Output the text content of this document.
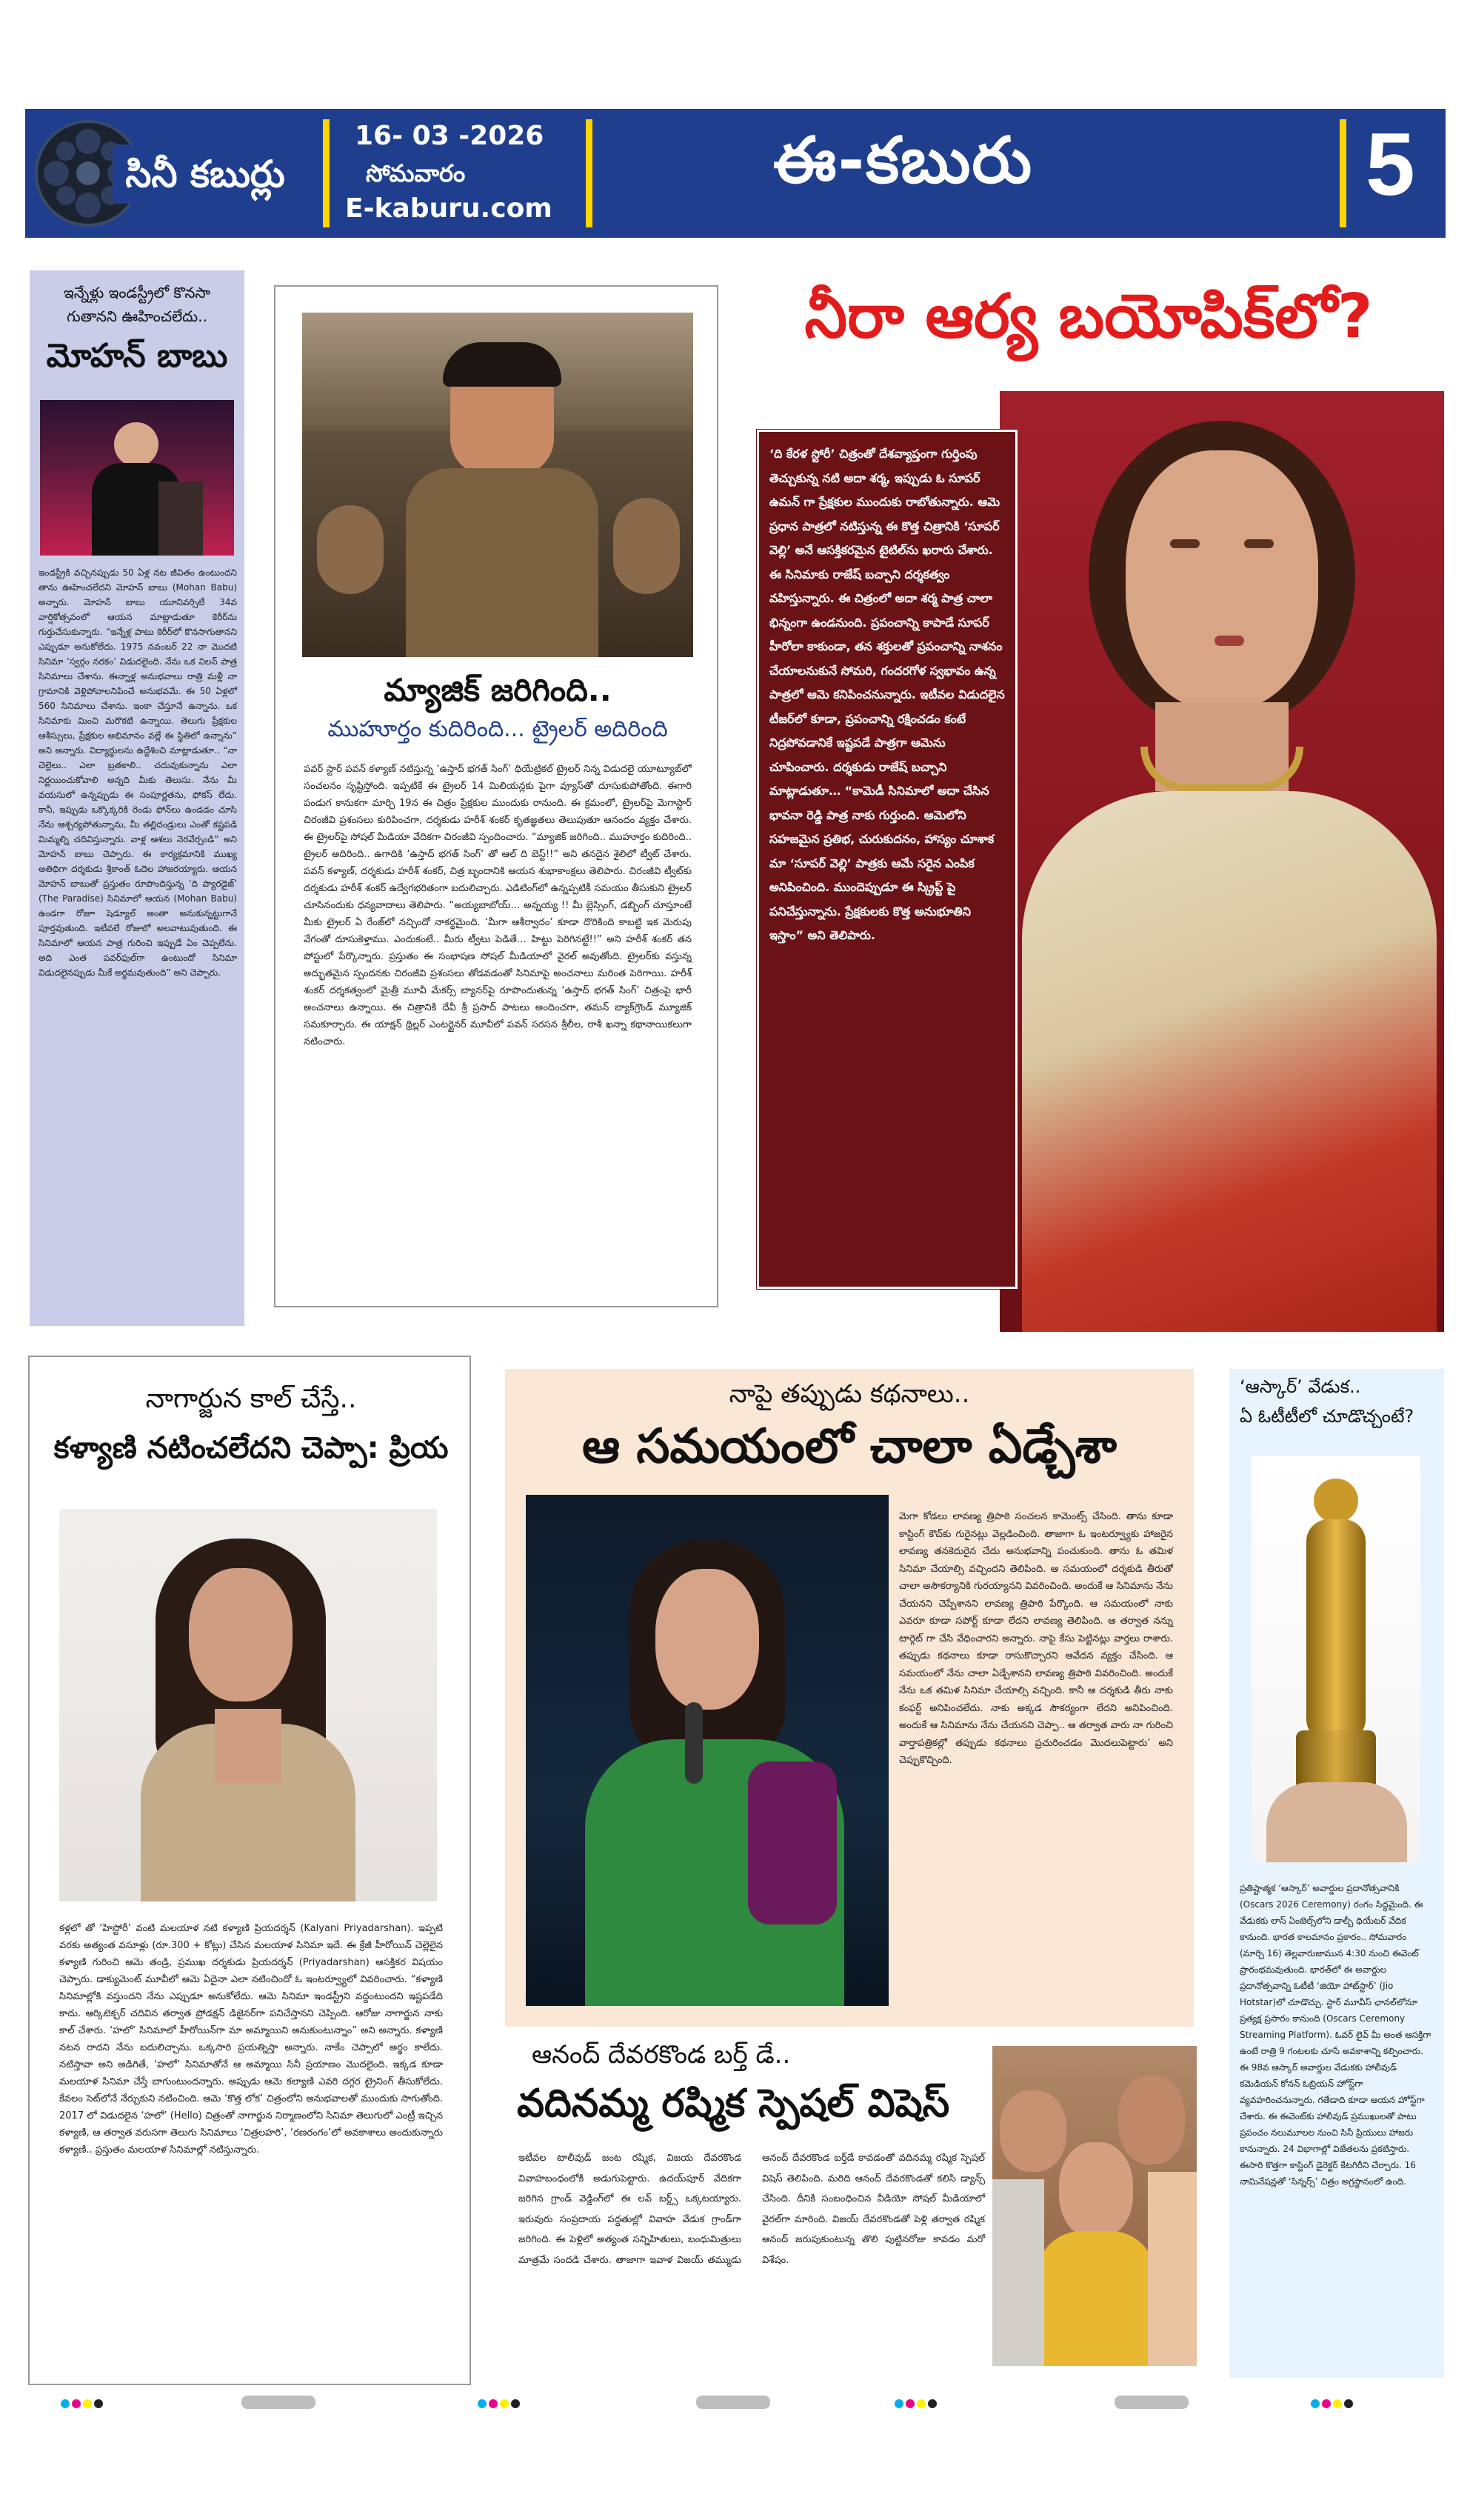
సినీ కబుర్లు
16- 03 -2026
సోమవారం
E-kaburu.com
ఈ-కబురు	5
ఇన్నేళ్లు ఇండస్ట్రీలో కొనసా గుతానని ఊహించలేదు..
మోహన్ బాబు
ఇండస్ట్రీకి వచ్చినప్పుడు 50 ఏళ్ల నట జీవితం ఉంటుందని తాను ఊహించలేదని మోహన్ బాబు (Mohan Babu) అన్నారు. మోహన్ బాబు యూనివర్సిటీ 34వ వార్షికోత్సవంలో ఆయన మాట్లాడుతూ కెరీర్‌ను గుర్తుచేసుకున్నారు. “ఇన్నేళ్ల పాటు కెరీర్‌లో కొనసాగుతానని ఎప్పుడూ అనుకోలేదు. 1975 నవంబర్ 22 నా మొదటి సినిమా ‘స్వర్గం నరకం’ విడుదలైంది. నేను ఒక విలన్ పాత్ర సినిమాలు చేశాను. ఈన్నాళ్ల అనుభవాలు రాత్రి మళ్లీ నా గ్రామానికి వెళ్లిపోవాలనిపించే అనుభవమే. ఈ 50 ఏళ్లలో 560 సినిమాలు చేశాను. ఇంకా చేస్తూనే ఉన్నాను. ఒక సినిమాకు మించి మరొకటి ఉన్నాయి. తెలుగు ప్రేక్షకుల ఆశీస్సులు, ప్రేక్షకుల అభిమానం వల్లే ఈ స్థితిలో ఉన్నాను” అని అన్నారు. విద్యార్థులను ఉద్దేశించి మాట్లాడుతూ.. “నా చెల్లెలు.. ఎలా బ్రతకాలి.. చదువుకున్నాను ఎలా నిర్ణయించుకోవాలి అన్నది మీకు తెలుసు. నేను మీ వయసులో ఉన్నప్పుడు ఈ సంపూర్ణతను, ఫోకస్ లేదు. కానీ, ఇప్పుడు ఒక్కొక్కరికి రెండు ఫోన్‌లు ఉండడం చూసి నేను ఆశ్చర్యపోతున్నాను, మీ తల్లిదండ్రులు ఎంతో కష్టపడి మిమ్మల్ని చదివిస్తున్నారు. వాళ్ల ఆశలు నెరవేర్చండి” అని మోహన్ బాబు చెప్పారు. ఈ కార్యక్రమానికి ముఖ్య అతిథిగా దర్శకుడు శ్రీకాంత్ ఓదెల హాజరయ్యారు. ఆయన మోహన్ బాబుతో ప్రస్తుతం రూపొందిస్తున్న ‘ది ప్యారడైజ్’ (The Paradise) సినిమాలో ఆయన (Mohan Babu) ఉండగా రోజూ షెడ్యూల్ అంతా అనుకున్నట్టుగానే పూర్తవుతుంది. ఇటీవలే రోజులో అలవాటువుతుంది. ఈ సినిమాలో ఆయన పాత్ర గురించి ఇప్పుడే ఏం చెప్పలేను. అది ఎంత పవర్‌ఫుల్‌గా ఉంటుందో సినిమా విడుదలైనప్పుడు మీకే అర్థమవుతుంది” అని చెప్పారు.
మ్యాజిక్ జరిగింది..
ముహూర్తం కుదిరింది... ట్రైలర్ అదిరింది
పవర్ స్టార్ పవన్ కళ్యాణ్ నటిస్తున్న ‘ఉస్తాద్ భగత్ సింగ్’ థియేట్రికల్ ట్రైలర్ నిన్న విడుదలై యూట్యూబ్‌లో సంచలనం సృష్టిస్తోంది. ఇప్పటికే ఈ ట్రైలర్ 14 మిలియన్లకు పైగా వ్యూస్‌తో దూసుకుపోతోంది. ఈగారి పండుగ కానుకగా మార్చి 19న ఈ చిత్రం ప్రేక్షకుల ముందుకు రానుంది. ఈ క్రమంలో, ట్రైలర్‌పై మెగాస్టార్ చిరంజీవి ప్రశంసలు కురిపించగా, దర్శకుడు హరీశ్ శంకర్ కృతజ్ఞతలు తెలుపుతూ ఆనందం వ్యక్తం చేశారు. ఈ ట్రైలర్‌పై సోషల్ మీడియా వేదికగా చిరంజీవి స్పందించారు. “మ్యాజిక్ జరిగింది.. ముహూర్తం కుదిరింది.. ట్రైలర్ అదిరింది.. ఉగాదికి ‘ఉస్తాద్ భగత్ సింగ్’ తో ఆల్ ది బెస్ట్!!” అని తనదైన శైలిలో ట్వీట్ చేశారు. పవన్ కళ్యాణ్, దర్శకుడు హరీశ్ శంకర్, చిత్ర బృందానికి ఆయన శుభాకాంక్షలు తెలిపారు. చిరంజీవి ట్వీట్‌కు దర్శకుడు హరీశ్ శంకర్ ఉద్వేగభరితంగా బదులిచ్చారు. ఎడిటింగ్‌లో ఉన్నప్పటికీ సమయం తీసుకుని ట్రైలర్ చూసినందుకు ధన్యవాదాలు తెలిపారు. “అయ్యబాబోయ్… అన్నయ్య !! మీ బ్లెస్సింగ్, డబ్బింగ్ చూస్తూంటే మీకు ట్రైలర్ ఏ రేంజ్‌లో నచ్చిందో నాకర్థమైంది. ‘మీగా ఆశీర్వాదం’ కూడా దొరికింది కాబట్టి ఇక మెరుపు వేగంతో దూసుకెళ్తాము. ఎందుకంటే.. మీరు ట్వీటు పెడితే… హిట్టు పెరిగినట్టే!!” అని హరీశ్ శంకర్ తన పోస్టులో పేర్కొన్నారు. ప్రస్తుతం ఈ సంభాషణ సోషల్ మీడియాలో వైరల్ అవుతోంది. ట్రైలర్‌కు వస్తున్న అద్భుతమైన స్పందనకు చిరంజీవి ప్రశంసలు తోడవడంతో సినిమాపై అంచనాలు మరింత పెరిగాయి. హరీశ్ శంకర్ దర్శకత్వంలో మైత్రీ మూవీ మేకర్స్ బ్యానర్‌పై రూపొందుతున్న ‘ఉస్తాద్ భగత్ సింగ్’ చిత్రంపై భారీ అంచనాలు ఉన్నాయి. ఈ చిత్రానికి దేవీ శ్రీ ప్రసాద్ పాటలు అందించగా, తమన్ బ్యాక్‌గ్రౌండ్ మ్యూజిక్ సమకూర్చారు. ఈ యాక్షన్ థ్రిల్లర్ ఎంటర్టైనర్ మూవీలో పవన్ సరసన శ్రీలీల, రాశీ ఖన్నా కథానాయికలుగా నటించారు.
నీరా ఆర్య బయోపిక్‌లో?
‘ది కేరళ స్టోరీ’ చిత్రంతో దేశవ్యాప్తంగా గుర్తింపు తెచ్చుకున్న నటి అదా శర్మ, ఇప్పుడు ఓ సూపర్ ఉమన్ గా ప్రేక్షకుల ముందుకు రాబోతున్నారు. ఆమె ప్రధాన పాత్రలో నటిస్తున్న ఈ కొత్త చిత్రానికి ‘సూపర్ వెల్లి’ అనే ఆసక్తికరమైన టైటిల్‌ను ఖరారు చేశారు. ఈ సినిమాకు రాజేష్ బచ్చాని దర్శకత్వం వహిస్తున్నారు. ఈ చిత్రంలో అదా శర్మ పాత్ర చాలా భిన్నంగా ఉండనుంది. ప్రపంచాన్ని కాపాడే సూపర్ హీరోలా కాకుండా, తన శక్తులతో ప్రపంచాన్ని నాశనం చేయాలనుకునే సోమరి, గందరగోళ స్వభావం ఉన్న పాత్రలో ఆమె కనిపించనున్నారు. ఇటీవల విడుదలైన టీజర్‌లో కూడా, ప్రపంచాన్ని రక్షించడం కంటే నిద్రపోవడానికే ఇష్టపడే పాత్రగా ఆమెను చూపించారు. దర్శకుడు రాజేష్ బచ్చాని మాట్లాడుతూ… “కామెడీ సినిమాలో అదా చేసిన భావనా రెడ్డి పాత్ర నాకు గుర్తుంది. ఆమెలోని సహజమైన ప్రతిభ, చురుకుదనం, హాస్యం చూశాక మా ‘సూపర్ వెల్లి’ పాత్రకు ఆమే సరైన ఎంపిక అనిపించింది. ముందెప్పుడూ ఈ స్క్రిప్ట్‌ పై పనిచేస్తున్నాను. ప్రేక్షకులకు కొత్త అనుభూతిని ఇస్తాం” అని తెలిపారు.
నాగార్జున కాల్ చేస్తే..
కళ్యాణి నటించలేదని చెప్పా: ప్రియ
కళ్లలో తో ‘హిస్టోరీ’ వంటి మలయాళ నటి కళ్యాణి ప్రియదర్శన్ (Kalyani Priyadarshan). ఇప్పటి వరకు అత్యంత వసూళ్లు (రూ.300 + కోట్లు) చేసిన మలయాళ సినిమా ఇదే. ఈ క్రేజీ హీరోయిన్ చెల్లెలైన కళ్యాణి గురించి ఆమె తండ్రి, ప్రముఖ దర్శకుడు ప్రియదర్శన్ (Priyadarshan) ఆసక్తికర విషయం చెప్పారు. డాక్యుమెంట్ మూవీలో ఆమె ఏదైనా ఎలా నటించిందో ఓ ఇంటర్వ్యూలో వివరించారు. “కళ్యాణి సినిమాల్లోకి వస్తుందని నేను ఎప్పుడూ అనుకోలేదు. ఆమె సినిమా ఇండస్ట్రీని వద్దంటుందని ఇష్టపడేది కాదు. ఆర్కిటెక్చర్ చదివిన తర్వాత ప్రోడక్షన్ డిజైనర్‌గా పనిచేస్తానని చెప్పింది. ఆరోజు నాగార్జున నాకు కాల్ చేశారు. ‘హలో’ సినిమాలో హీరోయిన్‌గా మా అమ్మాయిని అనుకుంటున్నాం” అని అన్నారు. కళ్యాణి నటన రాదని నేను బదులిచ్చాను. ఒక్కసారి ప్రయత్నిస్తా అన్నారు. నాకేం చెప్పాలో అర్థం కాలేదు. నటిస్తావా అని అడిగితే, ‘హలో’ సినిమాతోనే ఆ అమ్మాయి సినీ ప్రయాణం మొదలైంది. ఇక్కడ కూడా మలయాళ సినిమా చేస్తే బాగుంటుందన్నారు. అప్పుడు ఆమె కల్యాణి ఎవరి దగ్గర ట్రైనింగ్ తీసుకోలేదు. కేవలం సెట్‌లోనే నేర్చుకుని నటించింది. ఆమె ‘కొత్త లోక’ చిత్రంలోని అనుభవాలతో ముందుకు సాగుతోంది. 2017 లో విడుదలైన ‘హలో’ (Hello) చిత్రంతో నాగార్జున నిర్మాణంలోని సినిమా తెలుగులో ఎంట్రీ ఇచ్చిన కళ్యాణి, ఆ తర్వాత వరుసగా తెలుగు సినిమాలు ‘చిత్రలహరి’, ‘రణరంగం’లో అవకాశాలు అందుకున్నారు కళ్యాణి.. ప్రస్తుతం మలయాళ సినిమాల్లో నటిస్తున్నారు.
నాపై తప్పుడు కథనాలు..
ఆ సమయంలో చాలా ఏడ్చేశా
మెగా కోడలు లావణ్య త్రిపాఠి సంచలన కామెంట్స్ చేసింది. తాను కూడా కాస్టింగ్ కౌచ్‌కు గురైనట్లు వెల్లడించింది. తాజాగా ఓ ఇంటర్వ్యూకు హాజరైన లావణ్య తనకెదురైన చేదు అనుభవాన్ని పంచుకుంది. తాను ఓ తమిళ సినిమా చేయాల్సి వచ్చిందని తెలిపింది. ఆ సమయంలో దర్శకుడి తీరుతో చాలా అసౌకర్యానికి గురయ్యానని వివరించింది. అందుకే ఆ సినిమాను నేను చేయనని చెప్పేశానని లావణ్య త్రిపాఠి పేర్కొంది. ఆ సమయంలో నాకు ఎవరూ కూడా సపోర్ట్ కూడా లేదని లావణ్య తెలిపింది. ఆ తర్వాత నన్ను టార్గెట్ గా చేసి వేధించారని అన్నారు. నాపై కేసు పెట్టినట్లు వార్తలు రాశారు. తప్పుడు కథనాలు కూడా రాసుకొచ్చారని ఆవేదన వ్యక్తం చేసింది. ఆ సమయంలో నేను చాలా ఏడ్చేశానని లావణ్య త్రిపాఠి వివరించింది. అందుకే నేను ఒక తమిళ సినిమా చేయాల్సి వచ్చింది. కానీ ఆ దర్శకుడి తీరు నాకు కంఫర్ట్ అనిపించలేదు. నాకు అక్కడ సౌకర్యంగా లేదని అనిపించింది. అందుకే ఆ సినిమాను నేను చేయనని చెప్పా.. ఆ తర్వాత వారు నా గురించి వార్తాపత్రికల్లో తప్పుడు కథనాలు ప్రచురించడం మొదలుపెట్టారు’ అని చెప్పుకొచ్చింది.
ఆనంద్ దేవరకొండ బర్త్ డే..
వదినమ్మ రష్మిక స్పెషల్ విషెస్
ఇటీవల టాలీవుడ్ జంట రష్మిక, విజయ దేవరకొండ వివాహబంధంలోకి అడుగుపెట్టారు. ఉదయ్‌పూర్ వేదికగా జరిగిన గ్రాండ్ వెడ్డింగ్‌లో ఈ లవ్ బర్డ్స్ ఒక్కటయ్యారు. ఇరువురు సంప్రదాయ పద్ధతుల్లో వివాహ వేడుక గ్రాండ్‌గా జరిగింది. ఈ పెళ్లిలో అత్యంత సన్నిహితులు, బంధుమిత్రులు మాత్రమే సందడి చేశారు. తాజాగా ఇవాళ విజయ్ తమ్ముడు ఆనంద్ దేవరకొండ బర్త్‌డే కావడంతో వదినమ్మ రష్మిక స్పెషల్ విషెస్ తెలిపింది. మరిది ఆనంద్ దేవరకొండతో కలిసి డ్యాన్స్ చేసింది. దీనికి సంబంధించిన వీడియో సోషల్ మీడియాలో వైరల్‌గా మారింది. విజయ్ దేవరకొండతో పెళ్లి తర్వాత రష్మిక ఆనంద్ జరుపుకుంటున్న తొలి పుట్టినరోజు కావడం మరో విశేషం.
‘ఆస్కార్’ వేడుక..
ఏ ఓటీటీలో చూడొచ్చంటే?
ప్రతిష్టాత్మక ‘ఆస్కార్’ అవార్డుల ప్రదానోత్సవానికి (Oscars 2026 Ceremony) రంగం సిద్ధమైంది. ఈ వేడుకకు లాస్ ఏంజెల్స్‌లోని డాల్బీ థియేటర్ వేదిక కానుంది. భారత కాలమానం ప్రకారం.. సోమవారం (మార్చి 16) తెల్లవారుజామున 4:30 నుంచి ఈవెంట్ ప్రారంభమవుతుంది. భారత్‌లో ఈ అవార్డుల ప్రదానోత్సవాన్ని ఓటీటీ ‘జియో హాట్‌స్టార్’ (Jio Hotstar)లో చూడొచ్చు. స్టార్ మూవీస్ ఛానల్‌లోనూ ప్రత్యక్ష ప్రసారం కానుంది (Oscars Ceremony Streaming Platform). ఓవర్ లైవ్ మీ అంత ఆసక్తిగా ఉంటే రాత్రి 9 గంటలకు చూసే అవకాశాన్ని కల్పించారు. ఈ 98వ ఆస్కార్ అవార్డుల వేడుకకు హాలీవుడ్ కమెడియన్ కోనన్ ఓబ్రియన్ హోస్ట్‌గా వ్యవహరించనున్నారు. గతేడాది కూడా ఆయన హోస్ట్‌గా చేశారు. ఈ ఈవెంట్‌కు హాలీవుడ్ ప్రముఖులతో పాటు ప్రపంచం నలుమూలల నుంచి సినీ ప్రియులు హాజరు కానున్నారు. 24 విభాగాల్లో విజేతలను ప్రకటిస్తారు. ఈసారి కొత్తగా కాస్టింగ్ డైరెక్టర్ కేటగిరీని చేర్చారు. 16 నామినేషన్లతో ‘సిన్నర్స్’ చిత్రం అగ్రస్థానంలో ఉంది.
